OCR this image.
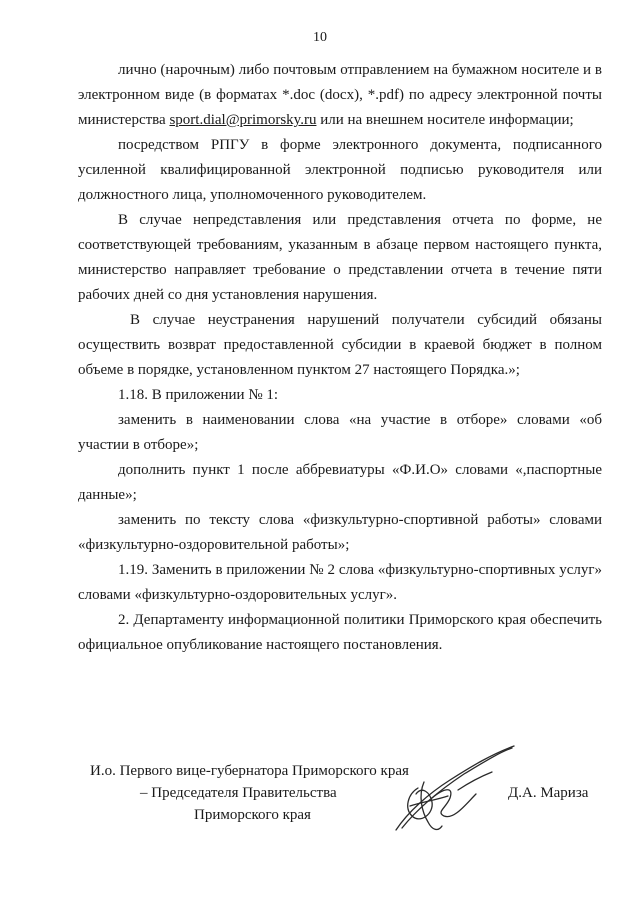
10

лично (нарочным) либо почтовым отправлением на бумажном носителе и в электронном виде (в форматах *.doc (docx), *.pdf) по адресу электронной почты министерства sport.dial@primorsky.ru или на внешнем носителе информации;

посредством РПГУ в форме электронного документа, подписанного усиленной квалифицированной электронной подписью руководителя или должностного лица, уполномоченного руководителем.

В случае непредставления или представления отчета по форме, не соответствующей требованиям, указанным в абзаце первом настоящего пункта, министерство направляет требование о представлении отчета в течение пяти рабочих дней со дня установления нарушения.

В случае неустранения нарушений получатели субсидий обязаны осуществить возврат предоставленной субсидии в краевой бюджет в полном объеме в порядке, установленном пунктом 27 настоящего Порядка.»;

1.18. В приложении № 1:

заменить в наименовании слова «на участие в отборе» словами «об участии в отборе»;

дополнить пункт 1 после аббревиатуры «Ф.И.О» словами «,паспортные данные»;

заменить по тексту слова «физкультурно-спортивной работы» словами «физкультурно-оздоровительной работы»;

1.19. Заменить в приложении № 2 слова «физкультурно-спортивных услуг» словами «физкультурно-оздоровительных услуг».

2. Департаменту информационной политики Приморского края обеспечить официальное опубликование настоящего постановления.

И.о. Первого вице-губернатора Приморского края
– Председателя Правительства
Приморского края
Д.А. Мариза
